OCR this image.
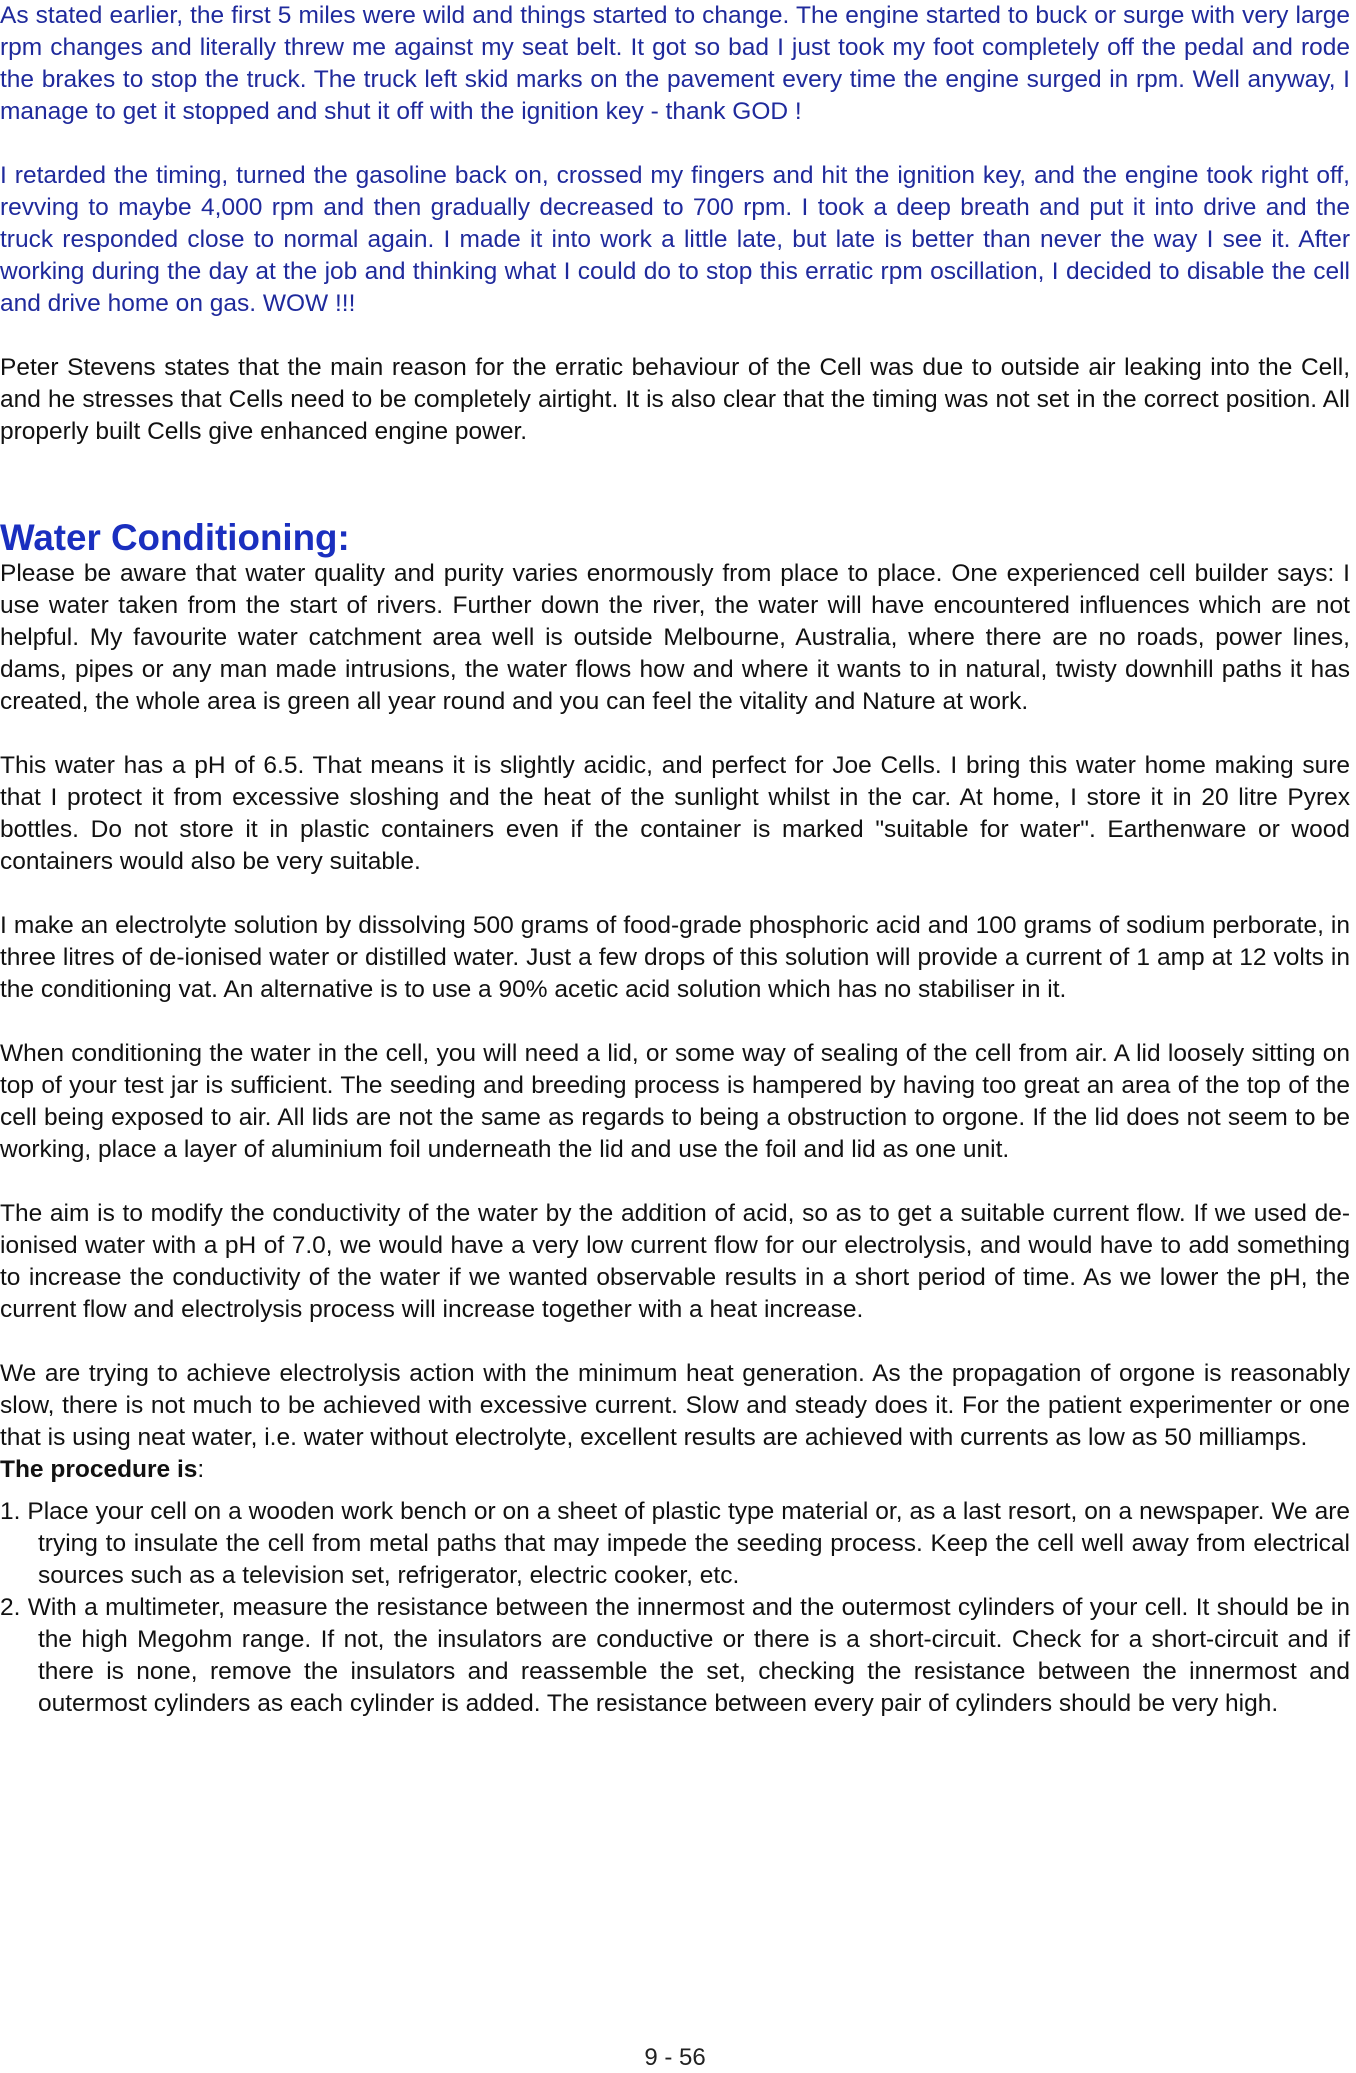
As stated earlier, the first 5 miles were wild and things started to change. The engine started to buck or surge with very large rpm changes and literally threw me against my seat belt. It got so bad I just took my foot completely off the pedal and rode the brakes to stop the truck. The truck left skid marks on the pavement every time the engine surged in rpm. Well anyway, I manage to get it stopped and shut it off with the ignition key - thank GOD !

I retarded the timing, turned the gasoline back on, crossed my fingers and hit the ignition key, and the engine took right off, revving to maybe 4,000 rpm and then gradually decreased to 700 rpm. I took a deep breath and put it into drive and the truck responded close to normal again. I made it into work a little late, but late is better than never the way I see it. After working during the day at the job and thinking what I could do to stop this erratic rpm oscillation, I decided to disable the cell and drive home on gas. WOW !!!

Peter Stevens states that the main reason for the erratic behaviour of the Cell was due to outside air leaking into the Cell, and he stresses that Cells need to be completely airtight. It is also clear that the timing was not set in the correct position. All properly built Cells give enhanced engine power.

Water Conditioning:

Please be aware that water quality and purity varies enormously from place to place. One experienced cell builder says: I use water taken from the start of rivers. Further down the river, the water will have encountered influences which are not helpful. My favourite water catchment area well is outside Melbourne, Australia, where there are no roads, power lines, dams, pipes or any man made intrusions, the water flows how and where it wants to in natural, twisty downhill paths it has created, the whole area is green all year round and you can feel the vitality and Nature at work.

This water has a pH of 6.5. That means it is slightly acidic, and perfect for Joe Cells. I bring this water home making sure that I protect it from excessive sloshing and the heat of the sunlight whilst in the car. At home, I store it in 20 litre Pyrex bottles. Do not store it in plastic containers even if the container is marked "suitable for water". Earthenware or wood containers would also be very suitable.

I make an electrolyte solution by dissolving 500 grams of food-grade phosphoric acid and 100 grams of sodium perborate, in three litres of de-ionised water or distilled water. Just a few drops of this solution will provide a current of 1 amp at 12 volts in the conditioning vat. An alternative is to use a 90% acetic acid solution which has no stabiliser in it.

When conditioning the water in the cell, you will need a lid, or some way of sealing of the cell from air. A lid loosely sitting on top of your test jar is sufficient. The seeding and breeding process is hampered by having too great an area of the top of the cell being exposed to air. All lids are not the same as regards to being a obstruction to orgone. If the lid does not seem to be working, place a layer of aluminium foil underneath the lid and use the foil and lid as one unit.

The aim is to modify the conductivity of the water by the addition of acid, so as to get a suitable current flow. If we used de-ionised water with a pH of 7.0, we would have a very low current flow for our electrolysis, and would have to add something to increase the conductivity of the water if we wanted observable results in a short period of time. As we lower the pH, the current flow and electrolysis process will increase together with a heat increase.

We are trying to achieve electrolysis action with the minimum heat generation. As the propagation of orgone is reasonably slow, there is not much to be achieved with excessive current. Slow and steady does it. For the patient experimenter or one that is using neat water, i.e. water without electrolyte, excellent results are achieved with currents as low as 50 milliamps.

The procedure is:

1. Place your cell on a wooden work bench or on a sheet of plastic type material or, as a last resort, on a newspaper. We are trying to insulate the cell from metal paths that may impede the seeding process. Keep the cell well away from electrical sources such as a television set, refrigerator, electric cooker, etc.

2. With a multimeter, measure the resistance between the innermost and the outermost cylinders of your cell. It should be in the high Megohm range. If not, the insulators are conductive or there is a short-circuit. Check for a short-circuit and if there is none, remove the insulators and reassemble the set, checking the resistance between the innermost and outermost cylinders as each cylinder is added. The resistance between every pair of cylinders should be very high.

9 - 56
